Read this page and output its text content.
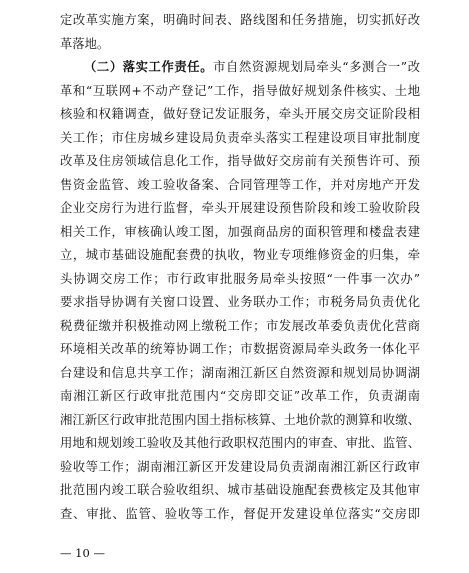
定改革实施方案，明确时间表、路线图和任务措施，切实抓好改
革落地。
（二）落实工作责任。市自然资源规划局牵头“多测合一”改
革和“互联网+不动产登记”工作，指导做好规划条件核实、土地
核验和权籍调查，做好登记发证服务，牵头开展交房交证阶段相
关工作；市住房城乡建设局负责牵头落实工程建设项目审批制度
改革及住房领域信息化工作，指导做好交房前有关预售许可、预
售资金监管、竣工验收备案、合同管理等工作，并对房地产开发
企业交房行为进行监督，牵头开展建设预售阶段和竣工验收阶段
相关工作，审核确认竣工图，加强商品房的面积管理和楼盘表建
立，城市基础设施配套费的执收，物业专项维修资金的归集，牵
头协调交房工作；市行政审批服务局牵头按照“一件事一次办”
要求指导协调有关窗口设置、业务联办工作；市税务局负责优化
税费征缴并积极推动网上缴税工作；市发展改革委负责优化营商
环境相关改革的统筹协调工作；市数据资源局牵头政务一体化平
台建设和信息共享工作；湖南湘江新区自然资源和规划局协调湖
南湘江新区行政审批范围内“交房即交证”改革工作，负责湖南
湘江新区行政审批范围内国土指标核算、土地价款的测算和收缴、
用地和规划竣工验收及其他行政职权范围内的审查、审批、监管、
验收等工作；湖南湘江新区开发建设局负责湖南湘江新区行政审
批范围内竣工联合验收组织、城市基础设施配套费核定及其他审
查、审批、监管、验收等工作，督促开发建设单位落实“交房即
— 10 —
